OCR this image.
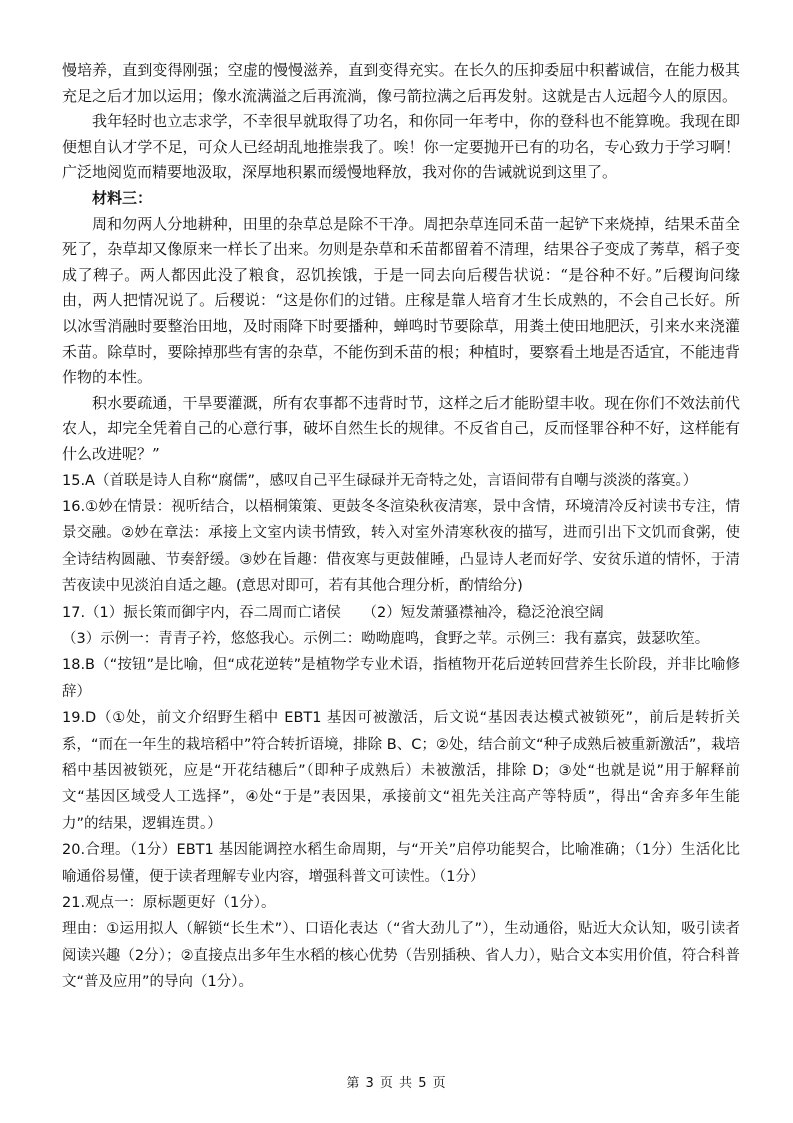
慢培养，直到变得刚强；空虚的慢慢滋养，直到变得充实。在长久的压抑委屈中积蓄诚信，在能力极其充足之后才加以运用；像水流满溢之后再流淌，像弓箭拉满之后再发射。这就是古人远超今人的原因。

我年轻时也立志求学，不幸很早就取得了功名，和你同一年考中，你的登科也不能算晚。我现在即便想自认才学不足，可众人已经胡乱地推崇我了。唉！你一定要抛开已有的功名，专心致力于学习啊！广泛地阅览而精要地汲取，深厚地积累而缓慢地释放，我对你的告诫就说到这里了。

材料三：

周和勿两人分地耕种，田里的杂草总是除不干净。周把杂草连同禾苗一起铲下来烧掉，结果禾苗全死了，杂草却又像原来一样长了出来。勿则是杂草和禾苗都留着不清理，结果谷子变成了莠草，稻子变成了稗子。两人都因此没了粮食，忍饥挨饿，于是一同去向后稷告状说：“是谷种不好。”后稷询问缘由，两人把情况说了。后稷说：“这是你们的过错。庄稼是靠人培育才生长成熟的，不会自己长好。所以冰雪消融时要整治田地，及时雨降下时要播种，蝉鸣时节要除草，用粪土使田地肥沃，引来水来浇灌禾苗。除草时，要除掉那些有害的杂草，不能伤到禾苗的根；种植时，要察看土地是否适宜，不能违背作物的本性。

积水要疏通，干旱要灌溉，所有农事都不违背时节，这样之后才能盼望丰收。现在你们不效法前代农人，却完全凭着自己的心意行事，破坏自然生长的规律。不反省自己，反而怪罪谷种不好，这样能有什么改进呢？”

15.A（首联是诗人自称“腐儒”，感叹自己平生碌碌并无奇特之处，言语间带有自嘲与淡淡的落寞。）

16.①妙在情景：视听结合，以梧桐策策、更鼓冬冬渲染秋夜清寒，景中含情，环境清冷反衬读书专注，情景交融。②妙在章法：承接上文室内读书情致，转入对室外清寒秋夜的描写，进而引出下文饥而食粥，使全诗结构圆融、节奏舒缓。③妙在旨趣：借夜寒与更鼓催睡，凸显诗人老而好学、安贫乐道的情怀，于清苦夜读中见淡泊自适之趣。(意思对即可，若有其他合理分析，酌情给分)

17.（1）振长策而御宇内，吞二周而亡诸侯　　（2）短发萧骚襟袖冷，稳泛沧浪空阔

（3）示例一：青青子衿，悠悠我心。示例二：呦呦鹿鸣，食野之苹。示例三：我有嘉宾，鼓瑟吹笙。

18.B（“按钮”是比喻，但“成花逆转”是植物学专业术语，指植物开花后逆转回营养生长阶段，并非比喻修辞）

19.D（①处，前文介绍野生稻中 EBT1 基因可被激活，后文说“基因表达模式被锁死”，前后是转折关系，“而在一年生的栽培稻中”符合转折语境，排除 B、C；②处，结合前文“种子成熟后被重新激活”，栽培稻中基因被锁死，应是“开花结穗后”（即种子成熟后）未被激活，排除 D；③处“也就是说”用于解释前文“基因区域受人工选择”，④处“于是”表因果，承接前文“祖先关注高产等特质”，得出“舍弃多年生能力”的结果，逻辑连贯。）

20.合理。（1分）EBT1 基因能调控水稻生命周期，与“开关”启停功能契合，比喻准确；（1分）生活化比喻通俗易懂，便于读者理解专业内容，增强科普文可读性。（1分）

21.观点一：原标题更好（1分）。

理由：①运用拟人（解锁“长生术”）、口语化表达（“省大劲儿了”），生动通俗，贴近大众认知，吸引读者阅读兴趣（2分）；②直接点出多年生水稻的核心优势（告别插秧、省人力），贴合文本实用价值，符合科普文“普及应用”的导向（1分）。

第 3 页 共 5 页
